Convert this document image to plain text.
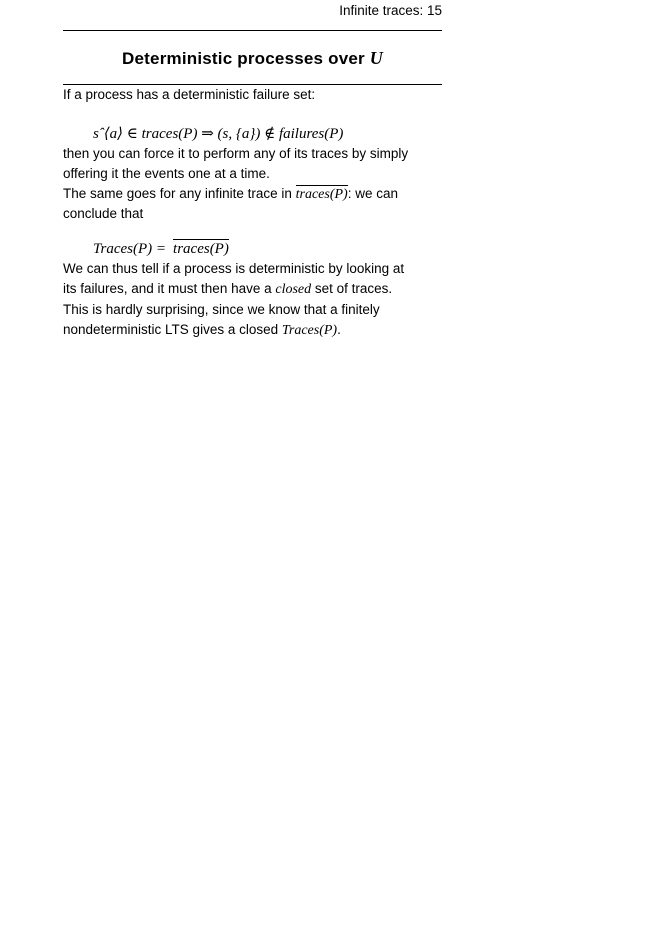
Infinite traces: 15
Deterministic processes over U

If a process has a deterministic failure set:

sˆ⟨a⟩ ∈ traces(P) ⇒ (s, {a}) ∉ failures(P)

then you can force it to perform any of its traces by simply
offering it the events one at a time.

The same goes for any infinite trace in traces(P): we can
conclude that

Traces(P) = traces(P)

We can thus tell if a process is deterministic by looking at
its failures, and it must then have a closed set of traces.

This is hardly surprising, since we know that a finitely
nondeterministic LTS gives a closed Traces(P).
